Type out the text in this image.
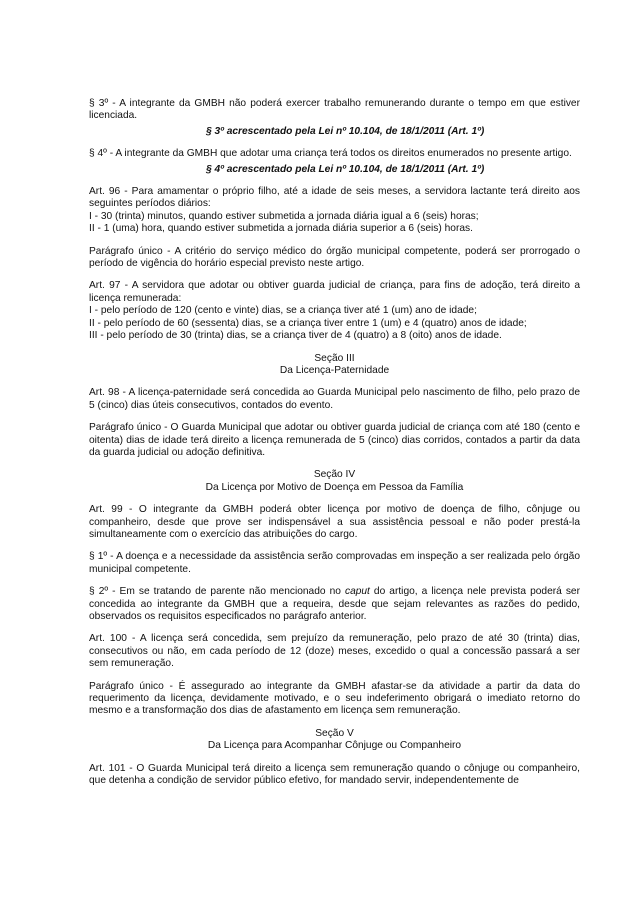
§ 3º - A integrante da GMBH não poderá exercer trabalho remunerando durante o tempo em que estiver licenciada.

§ 3º acrescentado pela Lei nº 10.104, de 18/1/2011 (Art. 1º)

§ 4º - A integrante da GMBH que adotar uma criança terá todos os direitos enumerados no presente artigo.

§ 4º acrescentado pela Lei nº 10.104, de 18/1/2011 (Art. 1º)

Art. 96 - Para amamentar o próprio filho, até a idade de seis meses, a servidora lactante terá direito aos seguintes períodos diários:
I - 30 (trinta) minutos, quando estiver submetida a jornada diária igual a 6 (seis) horas;
II - 1 (uma) hora, quando estiver submetida a jornada diária superior a 6 (seis) horas.

Parágrafo único - A critério do serviço médico do órgão municipal competente, poderá ser prorrogado o período de vigência do horário especial previsto neste artigo.

Art. 97 - A servidora que adotar ou obtiver guarda judicial de criança, para fins de adoção, terá direito a licença remunerada:
I - pelo período de 120 (cento e vinte) dias, se a criança tiver até 1 (um) ano de idade;
II - pelo período de 60 (sessenta) dias, se a criança tiver entre 1 (um) e 4 (quatro) anos de idade;
III - pelo período de 30 (trinta) dias, se a criança tiver de 4 (quatro) a 8 (oito) anos de idade.

Seção III
Da Licença-Paternidade

Art. 98 - A licença-paternidade será concedida ao Guarda Municipal pelo nascimento de filho, pelo prazo de 5 (cinco) dias úteis consecutivos, contados do evento.

Parágrafo único - O Guarda Municipal que adotar ou obtiver guarda judicial de criança com até 180 (cento e oitenta) dias de idade terá direito a licença remunerada de 5 (cinco) dias corridos, contados a partir da data da guarda judicial ou adoção definitiva.

Seção IV
Da Licença por Motivo de Doença em Pessoa da Família

Art. 99 - O integrante da GMBH poderá obter licença por motivo de doença de filho, cônjuge ou companheiro, desde que prove ser indispensável a sua assistência pessoal e não poder prestá-la simultaneamente com o exercício das atribuições do cargo.

§ 1º - A doença e a necessidade da assistência serão comprovadas em inspeção a ser realizada pelo órgão municipal competente.

§ 2º - Em se tratando de parente não mencionado no caput do artigo, a licença nele prevista poderá ser concedida ao integrante da GMBH que a requeira, desde que sejam relevantes as razões do pedido, observados os requisitos especificados no parágrafo anterior.

Art. 100 - A licença será concedida, sem prejuízo da remuneração, pelo prazo de até 30 (trinta) dias, consecutivos ou não, em cada período de 12 (doze) meses, excedido o qual a concessão passará a ser sem remuneração.

Parágrafo único - É assegurado ao integrante da GMBH afastar-se da atividade a partir da data do requerimento da licença, devidamente motivado, e o seu indeferimento obrigará o imediato retorno do mesmo e a transformação dos dias de afastamento em licença sem remuneração.

Seção V
Da Licença para Acompanhar Cônjuge ou Companheiro

Art. 101 - O Guarda Municipal terá direito a licença sem remuneração quando o cônjuge ou companheiro, que detenha a condição de servidor público efetivo, for mandado servir, independentemente de
